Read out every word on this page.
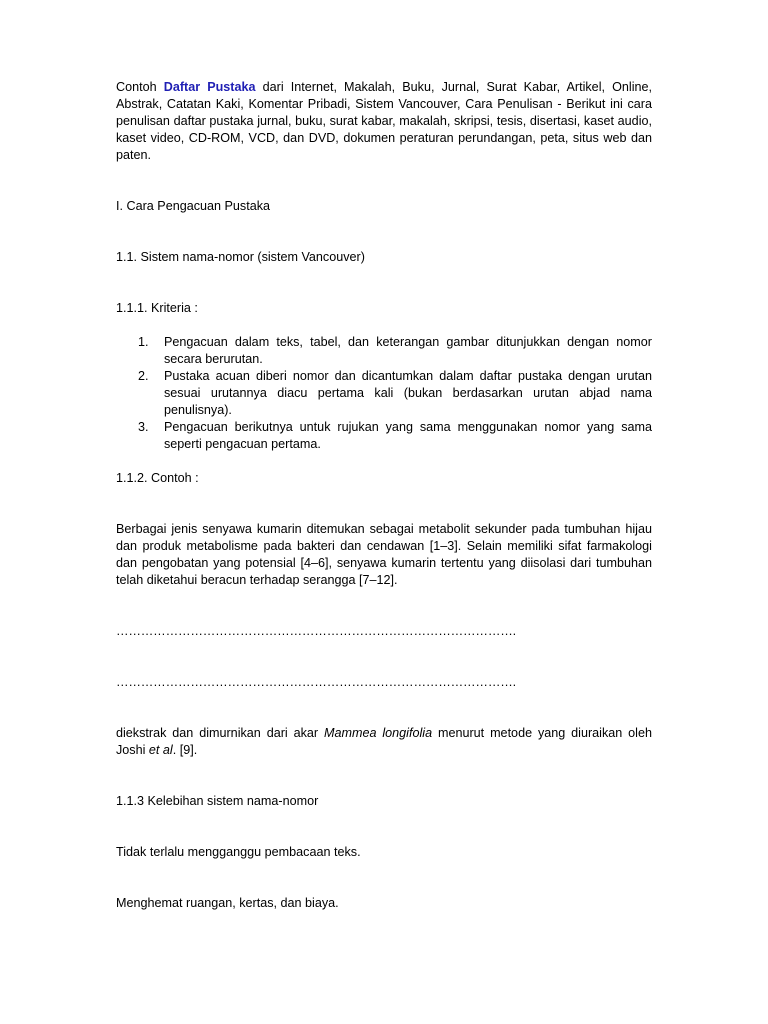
Contoh Daftar Pustaka dari Internet, Makalah, Buku, Jurnal, Surat Kabar, Artikel, Online, Abstrak, Catatan Kaki, Komentar Pribadi, Sistem Vancouver, Cara Penulisan - Berikut ini cara penulisan daftar pustaka jurnal, buku, surat kabar, makalah, skripsi, tesis, disertasi, kaset audio, kaset video, CD-ROM, VCD, dan DVD, dokumen peraturan perundangan, peta, situs web dan paten.

I. Cara Pengacuan Pustaka

1.1. Sistem nama-nomor (sistem Vancouver)

1.1.1. Kriteria :

1. Pengacuan dalam teks, tabel, dan keterangan gambar ditunjukkan dengan nomor secara berurutan.
2. Pustaka acuan diberi nomor dan dicantumkan dalam daftar pustaka dengan urutan sesuai urutannya diacu pertama kali (bukan berdasarkan urutan abjad nama penulisnya).
3. Pengacuan berikutnya untuk rujukan yang sama menggunakan nomor yang sama seperti pengacuan pertama.

1.1.2. Contoh :

Berbagai jenis senyawa kumarin ditemukan sebagai metabolit sekunder pada tumbuhan hijau dan produk metabolisme pada bakteri dan cendawan [1–3]. Selain memiliki sifat farmakologi dan pengobatan yang potensial [4–6], senyawa kumarin tertentu yang diisolasi dari tumbuhan telah diketahui beracun terhadap serangga [7–12].

…………………………………………………………………………………….

…………………………………………………………………………………….

diekstrak dan dimurnikan dari akar Mammea longifolia menurut metode yang diuraikan oleh Joshi et al. [9].

1.1.3 Kelebihan sistem nama-nomor

Tidak terlalu mengganggu pembacaan teks.

Menghemat ruangan, kertas, dan biaya.
